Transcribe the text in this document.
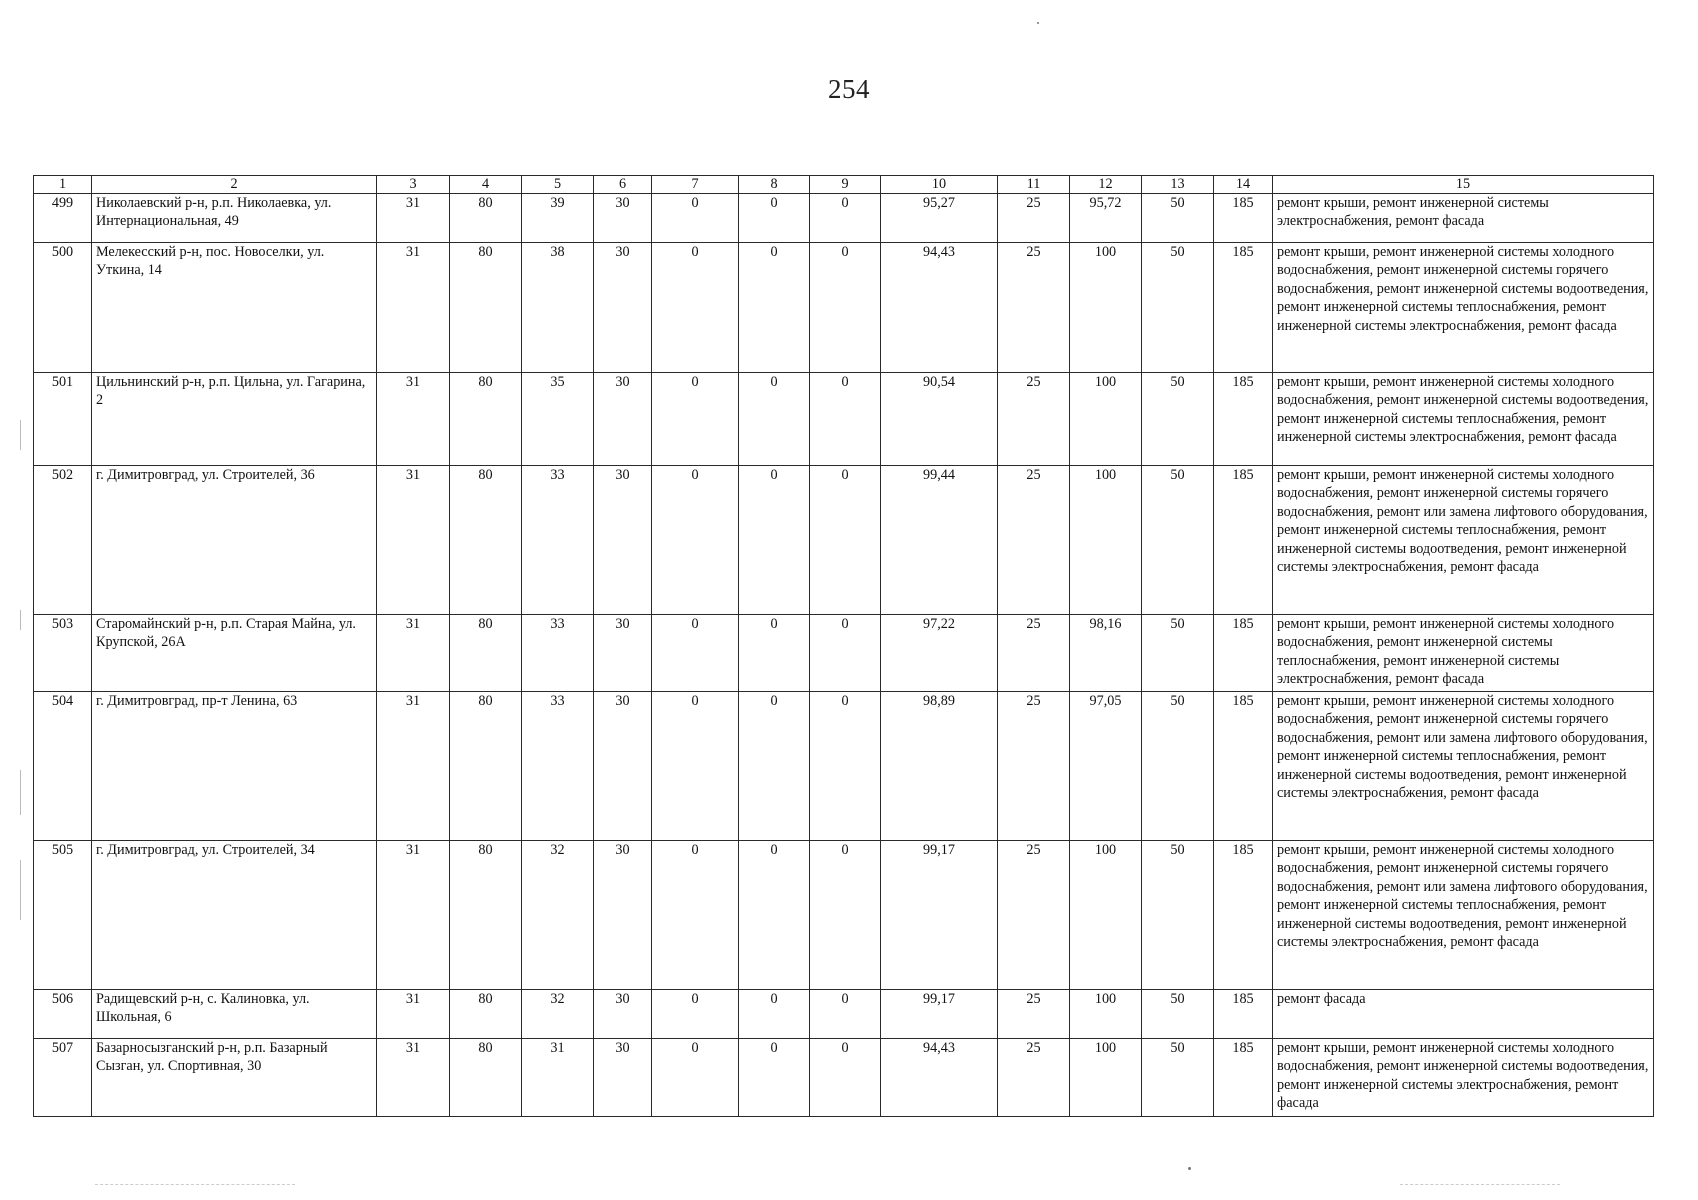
254
1	2	3	4	5	6	7	8	9	10	11	12	13	14	15
499	Николаевский р-н, р.п. Николаевка, ул. Интернациональная, 49	31	80	39	30	0	0	0	95,27	25	95,72	50	185	ремонт крыши, ремонт инженерной системы электроснабжения, ремонт фасада
500	Мелекесский р-н, пос. Новоселки, ул. Уткина, 14	31	80	38	30	0	0	0	94,43	25	100	50	185	ремонт крыши, ремонт инженерной системы холодного водоснабжения, ремонт инженерной системы горячего водоснабжения, ремонт инженерной системы водоотведения, ремонт инженерной системы теплоснабжения, ремонт инженерной системы электроснабжения, ремонт фасада
501	Цильнинский р-н, р.п. Цильна, ул. Гагарина, 2	31	80	35	30	0	0	0	90,54	25	100	50	185	ремонт крыши, ремонт инженерной системы холодного водоснабжения, ремонт инженерной системы водоотведения, ремонт инженерной системы теплоснабжения, ремонт инженерной системы электроснабжения, ремонт фасада
502	г. Димитровград, ул. Строителей, 36	31	80	33	30	0	0	0	99,44	25	100	50	185	ремонт крыши, ремонт инженерной системы холодного водоснабжения, ремонт инженерной системы горячего водоснабжения, ремонт или замена лифтового оборудования, ремонт инженерной системы теплоснабжения, ремонт инженерной системы водоотведения, ремонт инженерной системы электроснабжения, ремонт фасада
503	Старомайнский р-н, р.п. Старая Майна, ул. Крупской, 26А	31	80	33	30	0	0	0	97,22	25	98,16	50	185	ремонт крыши, ремонт инженерной системы холодного водоснабжения, ремонт инженерной системы теплоснабжения, ремонт инженерной системы электроснабжения, ремонт фасада
504	г. Димитровград, пр-т Ленина, 63	31	80	33	30	0	0	0	98,89	25	97,05	50	185	ремонт крыши, ремонт инженерной системы холодного водоснабжения, ремонт инженерной системы горячего водоснабжения, ремонт или замена лифтового оборудования, ремонт инженерной системы теплоснабжения, ремонт инженерной системы водоотведения, ремонт инженерной системы электроснабжения, ремонт фасада
505	г. Димитровград, ул. Строителей, 34	31	80	32	30	0	0	0	99,17	25	100	50	185	ремонт крыши, ремонт инженерной системы холодного водоснабжения, ремонт инженерной системы горячего водоснабжения, ремонт или замена лифтового оборудования, ремонт инженерной системы теплоснабжения, ремонт инженерной системы водоотведения, ремонт инженерной системы электроснабжения, ремонт фасада
506	Радищевский р-н, с. Калиновка, ул. Школьная, 6	31	80	32	30	0	0	0	99,17	25	100	50	185	ремонт фасада
507	Базарносызганский р-н, р.п. Базарный Сызган, ул. Спортивная, 30	31	80	31	30	0	0	0	94,43	25	100	50	185	ремонт крыши, ремонт инженерной системы холодного водоснабжения, ремонт инженерной системы водоотведения, ремонт инженерной системы электроснабжения, ремонт фасада
